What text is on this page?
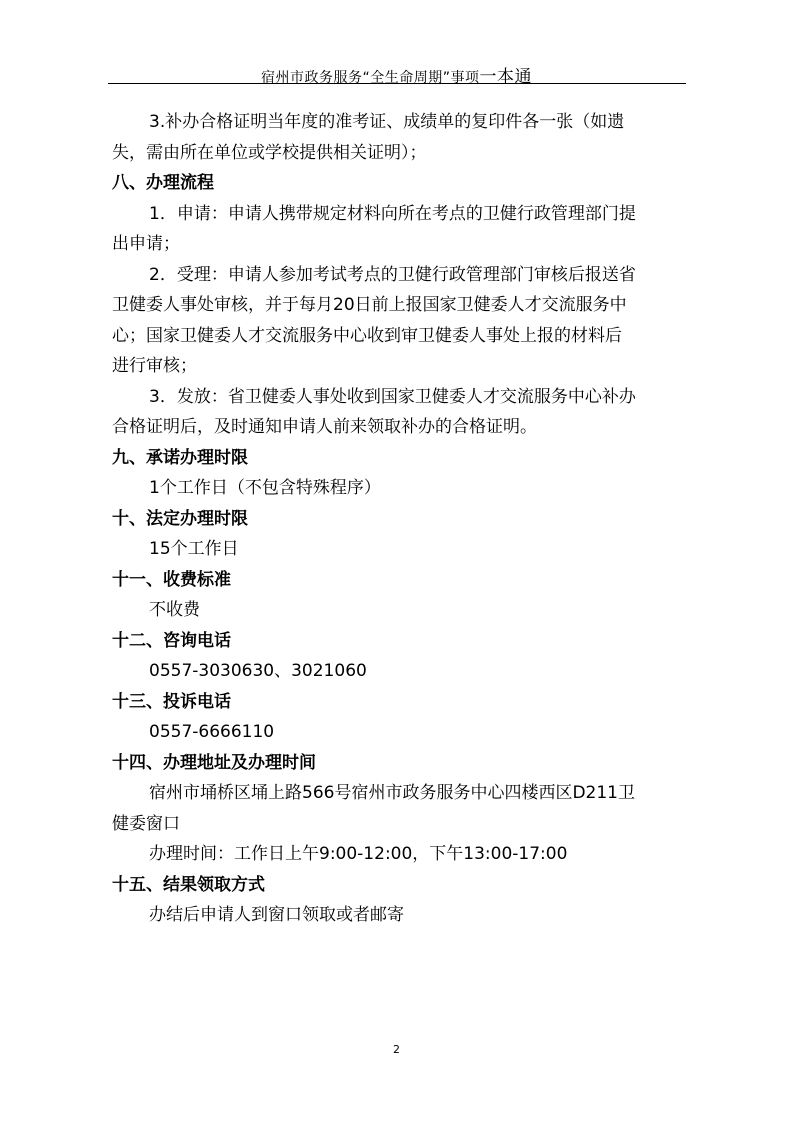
宿州市政务服务“全生命周期”事项一本通
3.补办合格证明当年度的准考证、成绩单的复印件各一张（如遗
失，需由所在单位或学校提供相关证明）；
八、办理流程
1．申请：申请人携带规定材料向所在考点的卫健行政管理部门提
出申请；
2．受理：申请人参加考试考点的卫健行政管理部门审核后报送省
卫健委人事处审核，并于每月20日前上报国家卫健委人才交流服务中
心；国家卫健委人才交流服务中心收到审卫健委人事处上报的材料后
进行审核；
3．发放：省卫健委人事处收到国家卫健委人才交流服务中心补办
合格证明后，及时通知申请人前来领取补办的合格证明。
九、承诺办理时限
1个工作日（不包含特殊程序）
十、法定办理时限
15个工作日
十一、收费标准
不收费
十二、咨询电话
0557-3030630、3021060
十三、投诉电话
0557-6666110
十四、办理地址及办理时间
宿州市埇桥区埇上路566号宿州市政务服务中心四楼西区D211卫
健委窗口
办理时间：工作日上午9:00-12:00，下午13:00-17:00
十五、结果领取方式
办结后申请人到窗口领取或者邮寄
2
